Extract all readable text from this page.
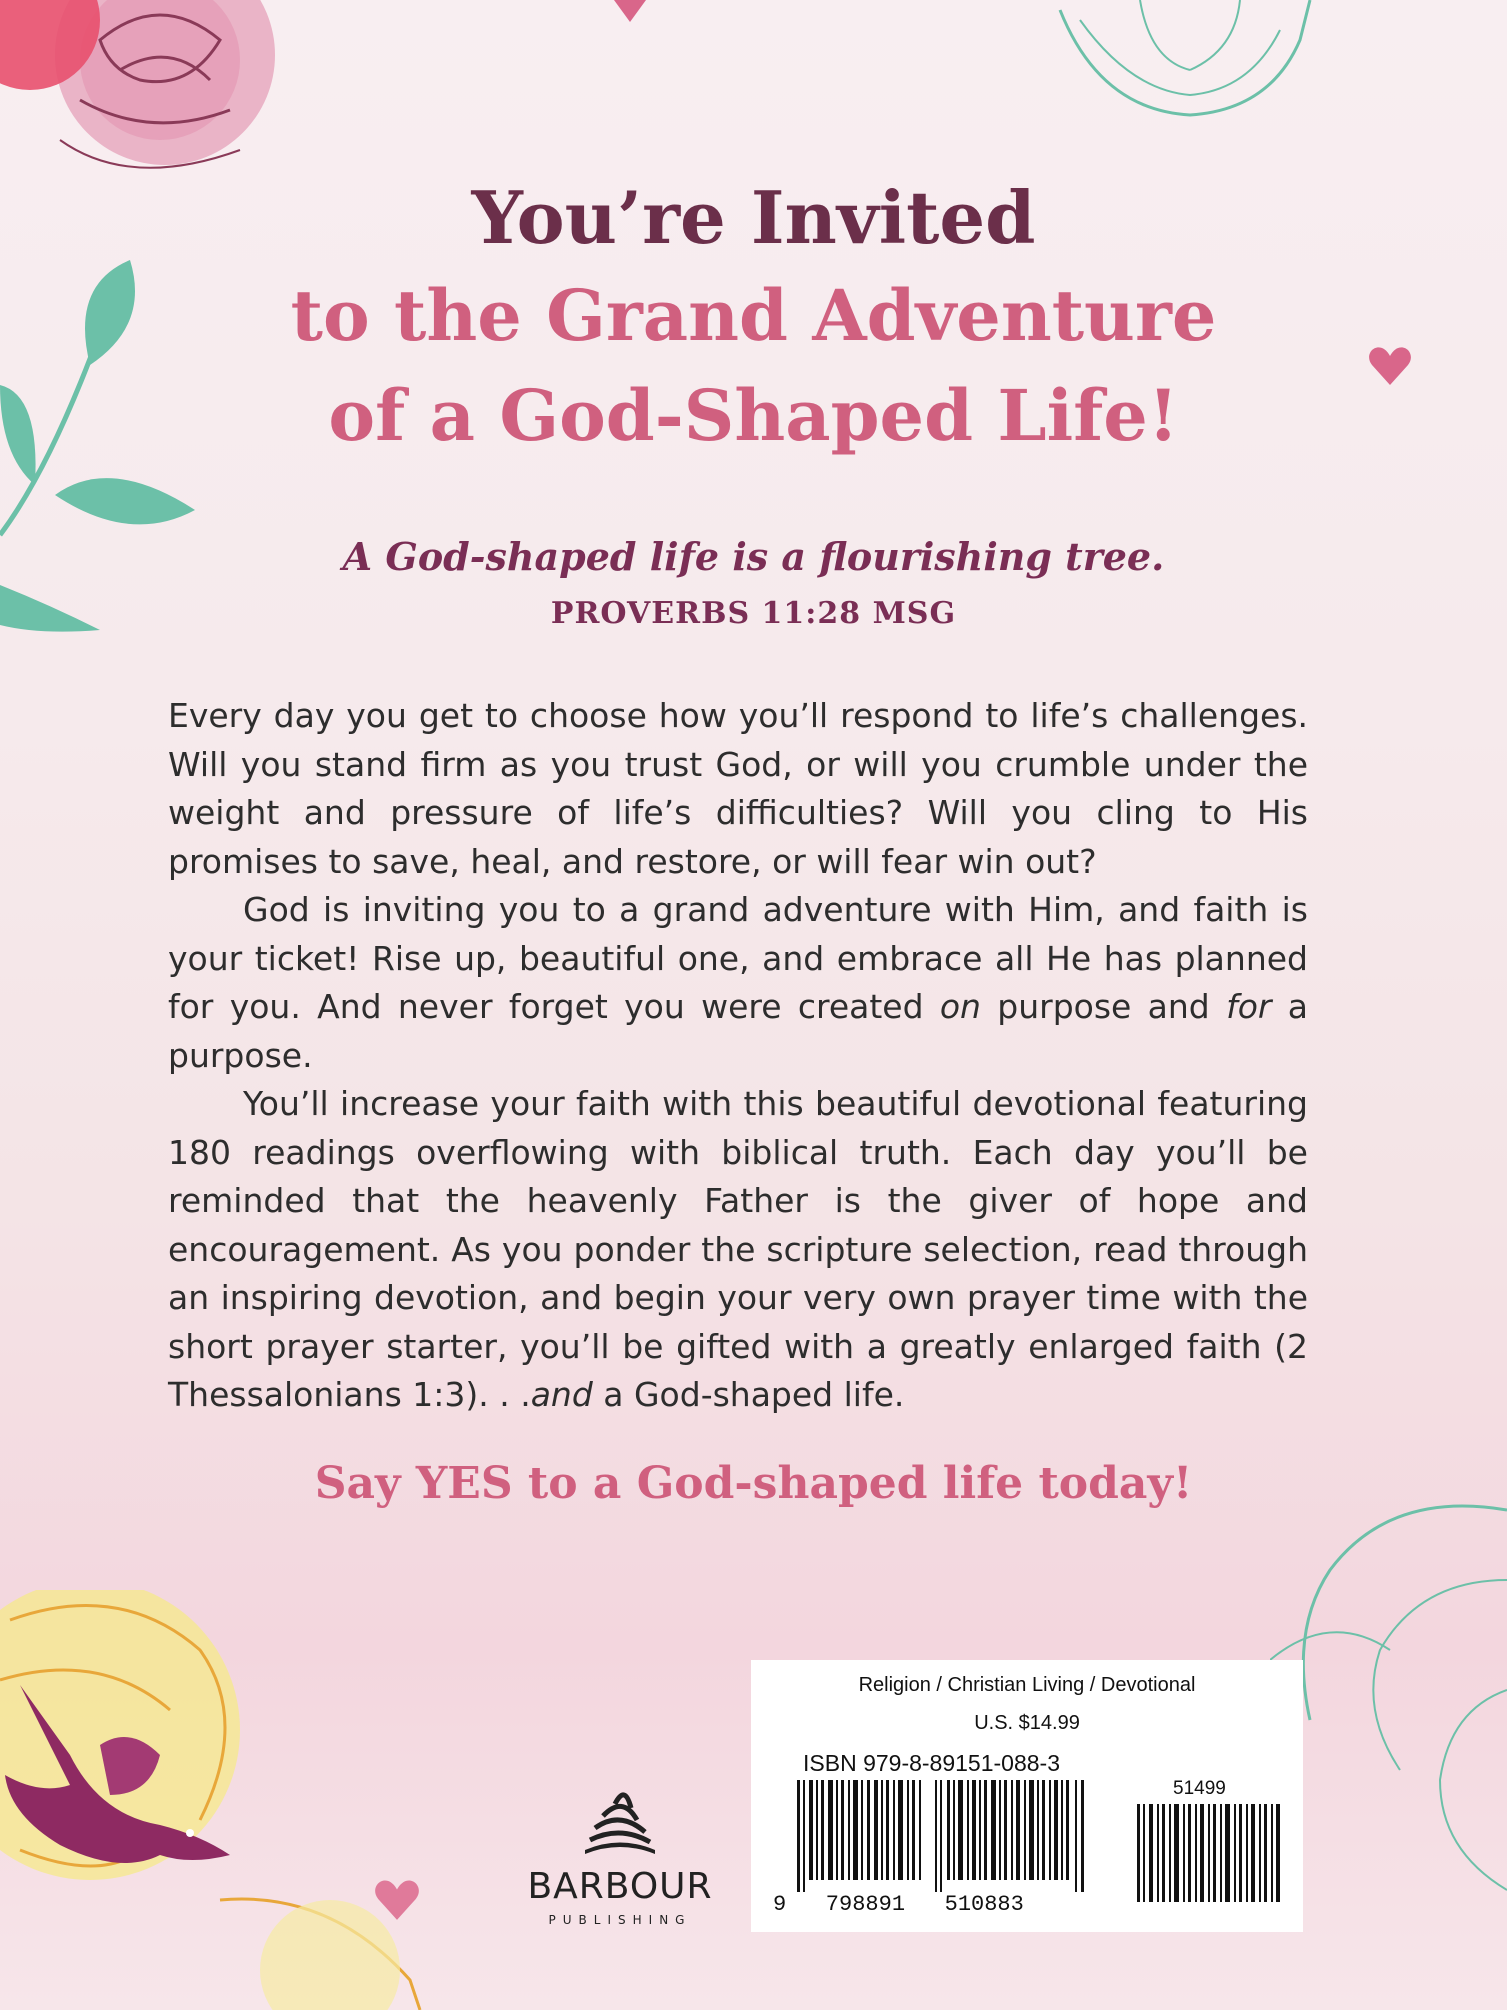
You’re Invited
to the Grand Adventure
of a God-Shaped Life!
A God-shaped life is a flourishing tree.
PROVERBS 11:28 MSG

Every day you get to choose how you’ll respond to life’s challenges. Will you stand firm as you trust God, or will you crumble under the weight and pressure of life’s difficulties? Will you cling to His promises to save, heal, and restore, or will fear win out?

God is inviting you to a grand adventure with Him, and faith is your ticket! Rise up, beautiful one, and embrace all He has planned for you. And never forget you were created on purpose and for a purpose.

You’ll increase your faith with this beautiful devotional featuring 180 readings overflowing with biblical truth. Each day you’ll be reminded that the heavenly Father is the giver of hope and encouragement. As you ponder the scripture selection, read through an inspiring devotion, and begin your very own prayer time with the short prayer starter, you’ll be gifted with a greatly enlarged faith (2 Thessalonians 1:3). . .and a God-shaped life.

Say YES to a God-shaped life today!
BARBOUR
PUBLISHING
Religion / Christian Living / Devotional
U.S. $14.99
ISBN 979-8-89151-088-3
51499
9   798891   510883
